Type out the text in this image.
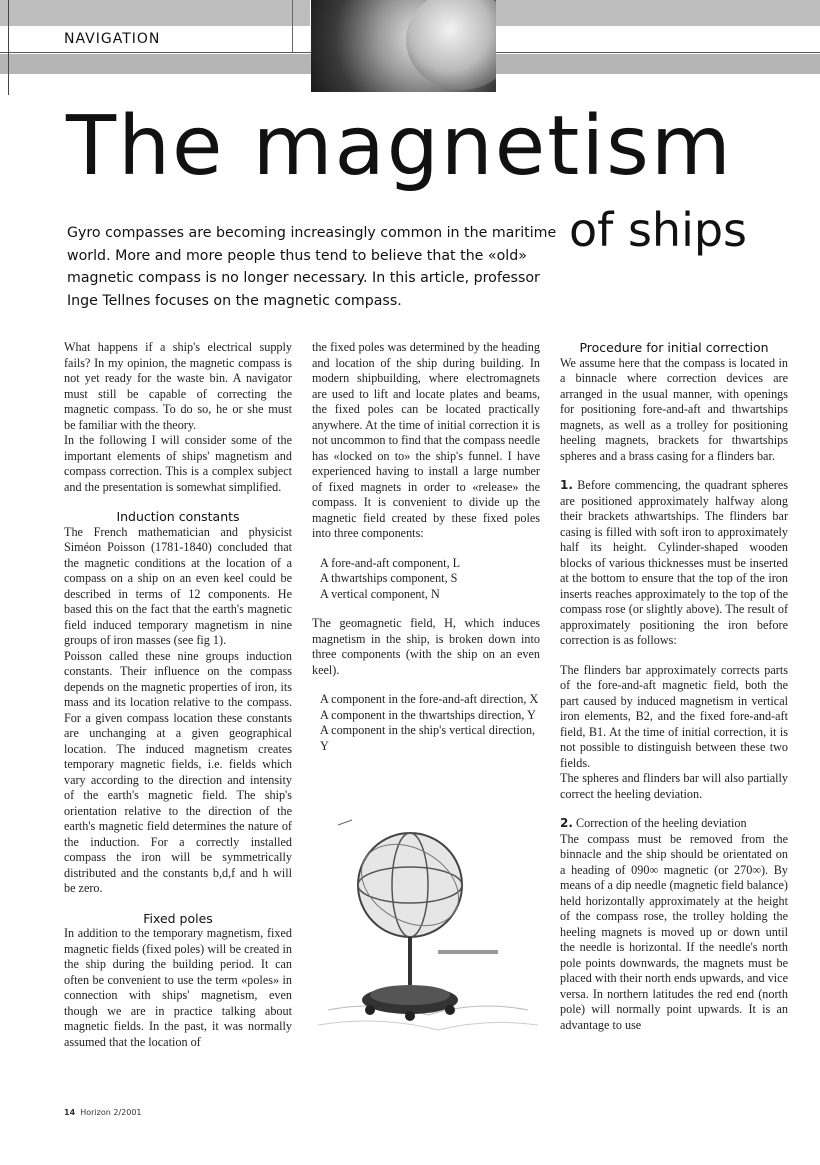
NAVIGATION
The magnetism
of ships

Gyro compasses are becoming increasingly common in the maritime world. More and more people thus tend to believe that the «old» magnetic compass is no longer necessary. In this article, professor Inge Tellnes focuses on the magnetic compass.

What happens if a ship's electrical supply fails? In my opinion, the magnetic compass is not yet ready for the waste bin. A navigator must still be capable of correcting the magnetic compass. To do so, he or she must be familiar with the theory.

In the following I will consider some of the important elements of ships' magnetism and compass correction. This is a complex subject and the presentation is somewhat simplified.

Induction constants

The French mathematician and physicist Siméon Poisson (1781-1840) concluded that the magnetic conditions at the location of a compass on a ship on an even keel could be described in terms of 12 components. He based this on the fact that the earth's magnetic field induced temporary magnetism in nine groups of iron masses (see fig 1).

Poisson called these nine groups induction constants. Their influence on the compass depends on the magnetic properties of iron, its mass and its location relative to the compass. For a given compass location these constants are unchanging at a given geographical location. The induced magnetism creates temporary magnetic fields, i.e. fields which vary according to the direction and intensity of the earth's magnetic field. The ship's orientation relative to the direction of the earth's magnetic field determines the nature of the induction. For a correctly installed compass the iron will be symmetrically distributed and the constants b,d,f and h will be zero.

Fixed poles

In addition to the temporary magnetism, fixed magnetic fields (fixed poles) will be created in the ship during the building period. It can often be convenient to use the term «poles» in connection with ships' magnetism, even though we are in practice talking about magnetic fields. In the past, it was normally assumed that the location of

the fixed poles was determined by the heading and location of the ship during building. In modern shipbuilding, where electromagnets are used to lift and locate plates and beams, the fixed poles can be located practically anywhere. At the time of initial correction it is not uncommon to find that the compass needle has «locked on to» the ship's funnel. I have experienced having to install a large number of fixed magnets in order to «release» the compass. It is convenient to divide up the magnetic field created by these fixed poles into three components:

A fore-and-aft component, L
A thwartships component, S
A vertical component, N

The geomagnetic field, H, which induces magnetism in the ship, is broken down into three components (with the ship on an even keel).

A component in the fore-and-aft direction, X
A component in the thwartships direction, Y
A component in the ship's vertical direction, Y
Procedure for initial correction

We assume here that the compass is located in a binnacle where correction devices are arranged in the usual manner, with openings for positioning fore-and-aft and thwartships magnets, as well as a trolley for positioning heeling magnets, brackets for thwartships spheres and a brass casing for a flinders bar.

1. Before commencing, the quadrant spheres are positioned approximately halfway along their brackets athwartships. The flinders bar casing is filled with soft iron to approximately half its height. Cylinder-shaped wooden blocks of various thicknesses must be inserted at the bottom to ensure that the top of the iron inserts reaches approximately to the top of the compass rose (or slightly above). The result of approximately positioning the iron before correction is as follows:

The flinders bar approximately corrects parts of the fore-and-aft magnetic field, both the part caused by induced magnetism in vertical iron elements, B2, and the fixed fore-and-aft field, B1. At the time of initial correction, it is not possible to distinguish between these two fields.

The spheres and flinders bar will also partially correct the heeling deviation.

2. Correction of the heeling deviation

The compass must be removed from the binnacle and the ship should be orientated on a heading of 090∞ magnetic (or 270∞). By means of a dip needle (magnetic field balance) held horizontally approximately at the height of the compass rose, the trolley holding the heeling magnets is moved up or down until the needle is horizontal. If the needle's north pole points downwards, the magnets must be placed with their north ends upwards, and vice versa. In northern latitudes the red end (north pole) will normally point upwards. It is an advantage to use

14 Horizon 2/2001
